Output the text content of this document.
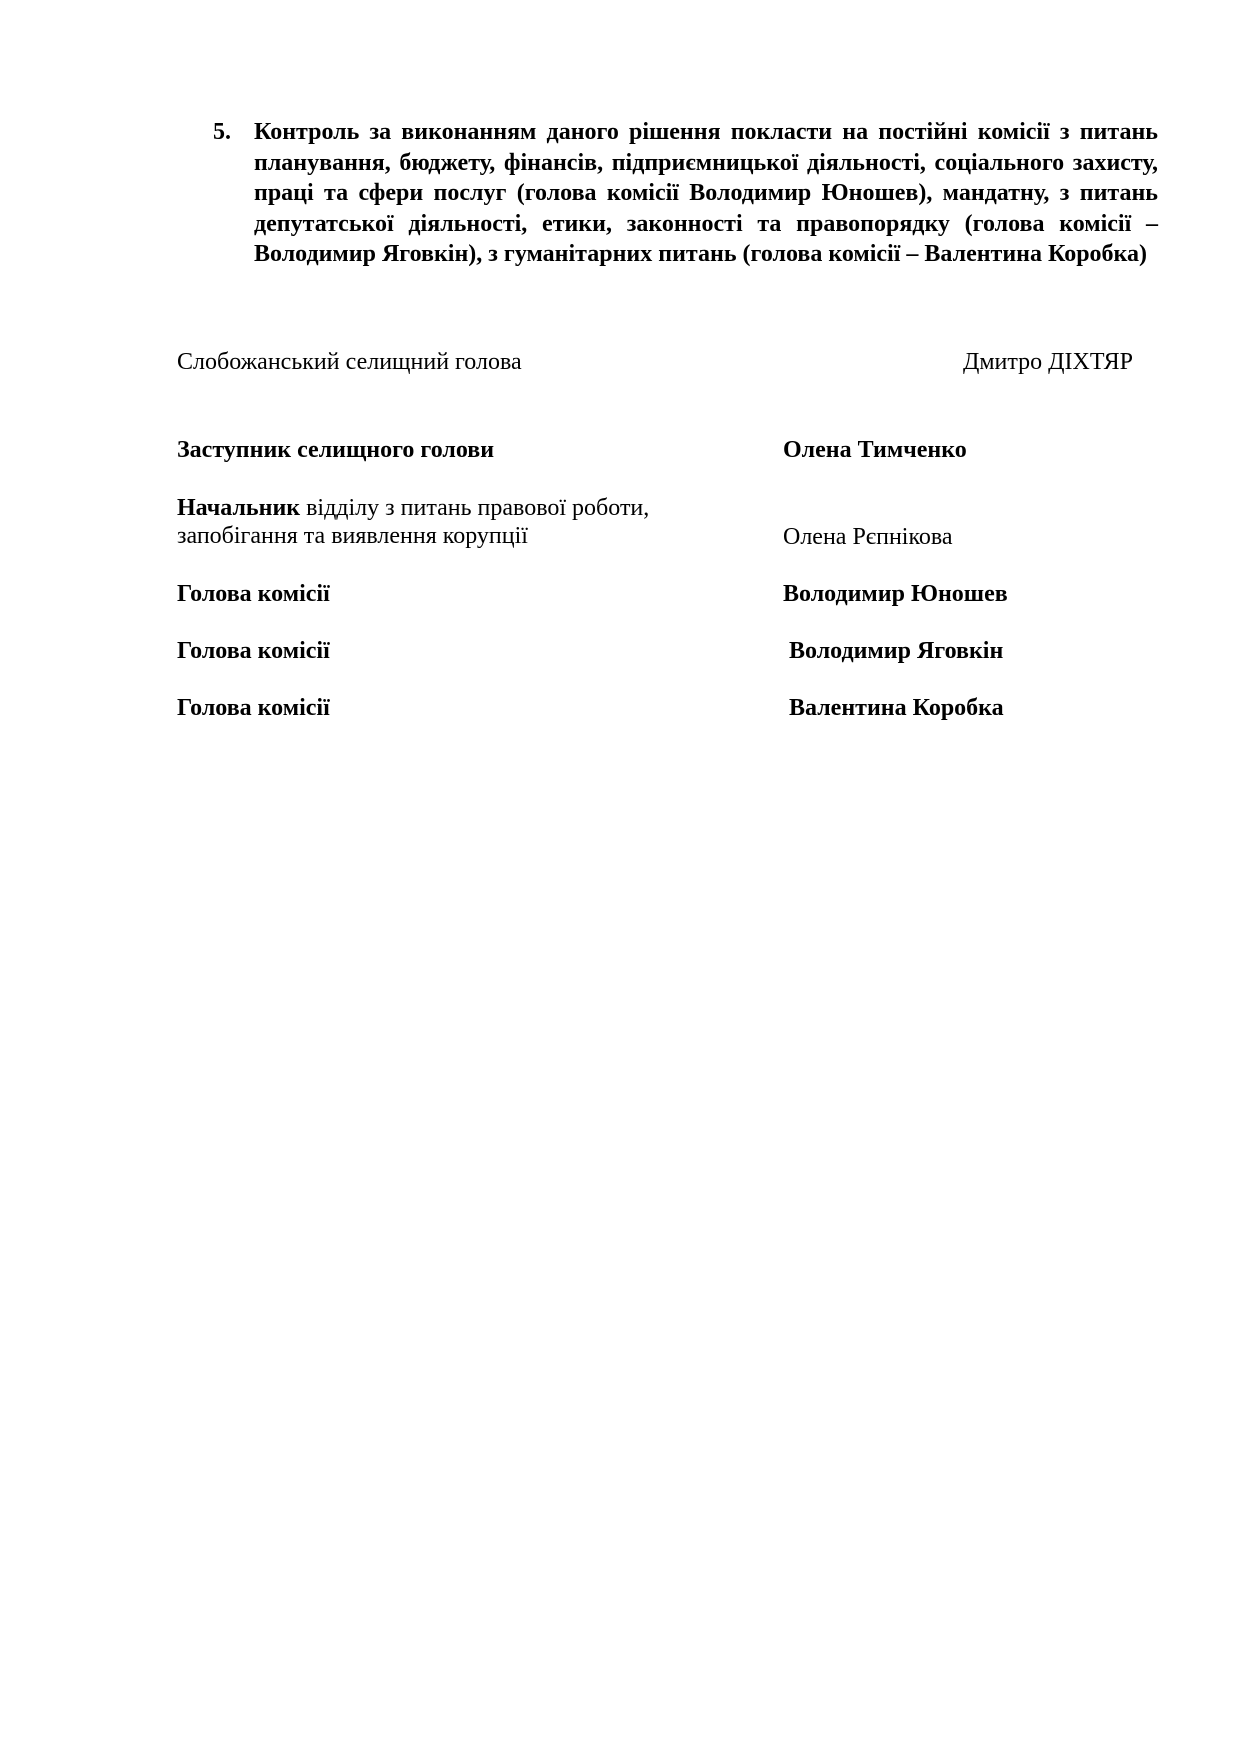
5. Контроль за виконанням даного рішення покласти на постійні комісії з питань
планування, бюджету, фінансів, підприємницької діяльності, соціального захисту,
праці та сфери послуг (голова комісії Володимир Юношев), мандатну, з питань
депутатської діяльності, етики, законності та правопорядку (голова комісії –
Володимир Яговкін), з гуманітарних питань (голова комісії – Валентина Коробка)
Слобожанський селищний голова	Дмитро ДІХТЯР
Заступник селищного голови	Олена Тимченко
Начальник відділу з питань правової роботи,
запобігання та виявлення корупції	Олена Рєпнікова
Голова комісії	Володимир Юношев
Голова комісії	Володимир Яговкін
Голова комісії	Валентина Коробка
